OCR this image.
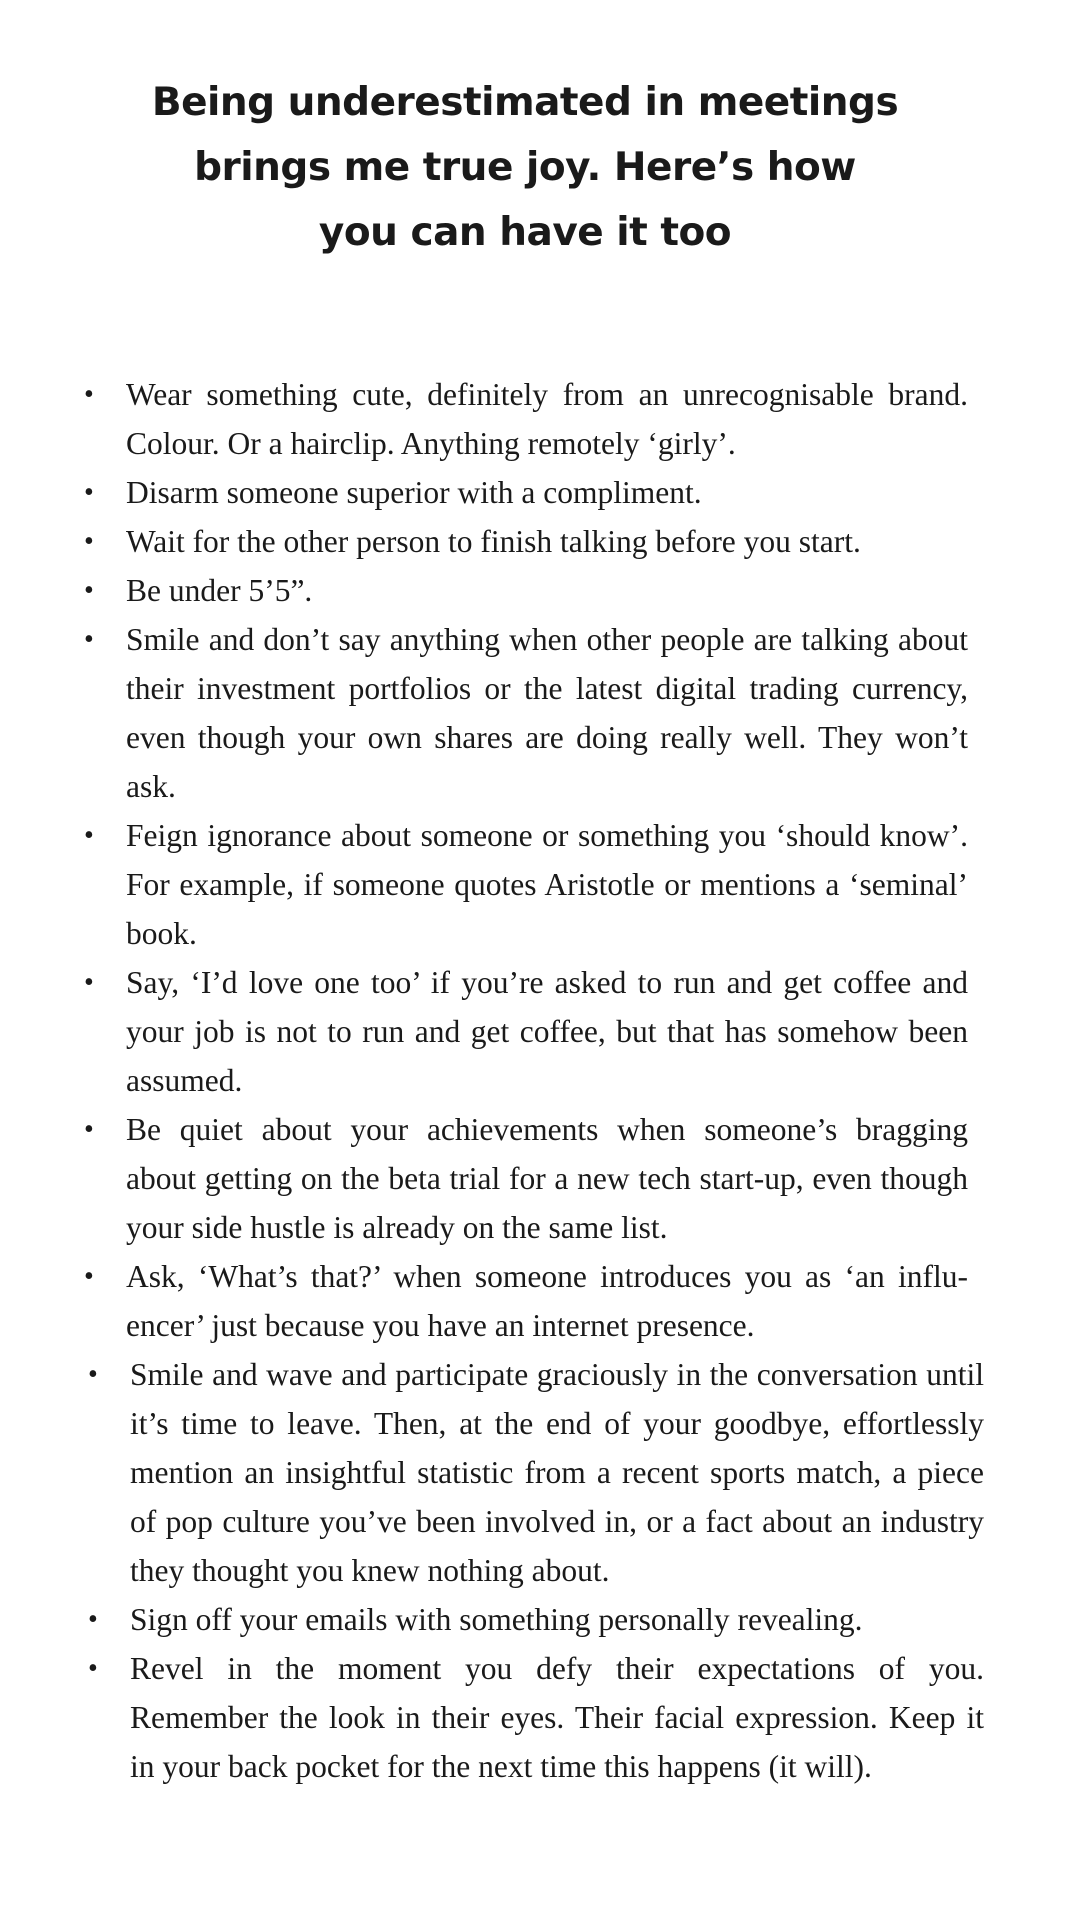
Being underestimated in meetings
brings me true joy. Here’s how
you can have it too
• Wear something cute, definitely from an unrecognisable brand. Colour. Or a hairclip. Anything remotely ‘girly’.
• Disarm someone superior with a compliment.
• Wait for the other person to finish talking before you start.
• Be under 5’5”.
• Smile and don’t say anything when other people are talking about their investment portfolios or the latest digital trading currency, even though your own shares are doing really well. They won’t ask.
• Feign ignorance about someone or something you ‘should know’. For example, if someone quotes Aristotle or mentions a ‘seminal’ book.
• Say, ‘I’d love one too’ if you’re asked to run and get coffee and your job is not to run and get coffee, but that has somehow been assumed.
• Be quiet about your achievements when someone’s bragging about getting on the beta trial for a new tech start-up, even though your side hustle is already on the same list.
• Ask, ‘What’s that?’ when someone introduces you as ‘an influencer’ just because you have an internet presence.
• Smile and wave and participate graciously in the conversation until it’s time to leave. Then, at the end of your goodbye, effortlessly mention an insightful statistic from a recent sports match, a piece of pop culture you’ve been involved in, or a fact about an industry they thought you knew nothing about.
• Sign off your emails with something personally revealing.
• Revel in the moment you defy their expectations of you. Remember the look in their eyes. Their facial expression. Keep it in your back pocket for the next time this happens (it will).
